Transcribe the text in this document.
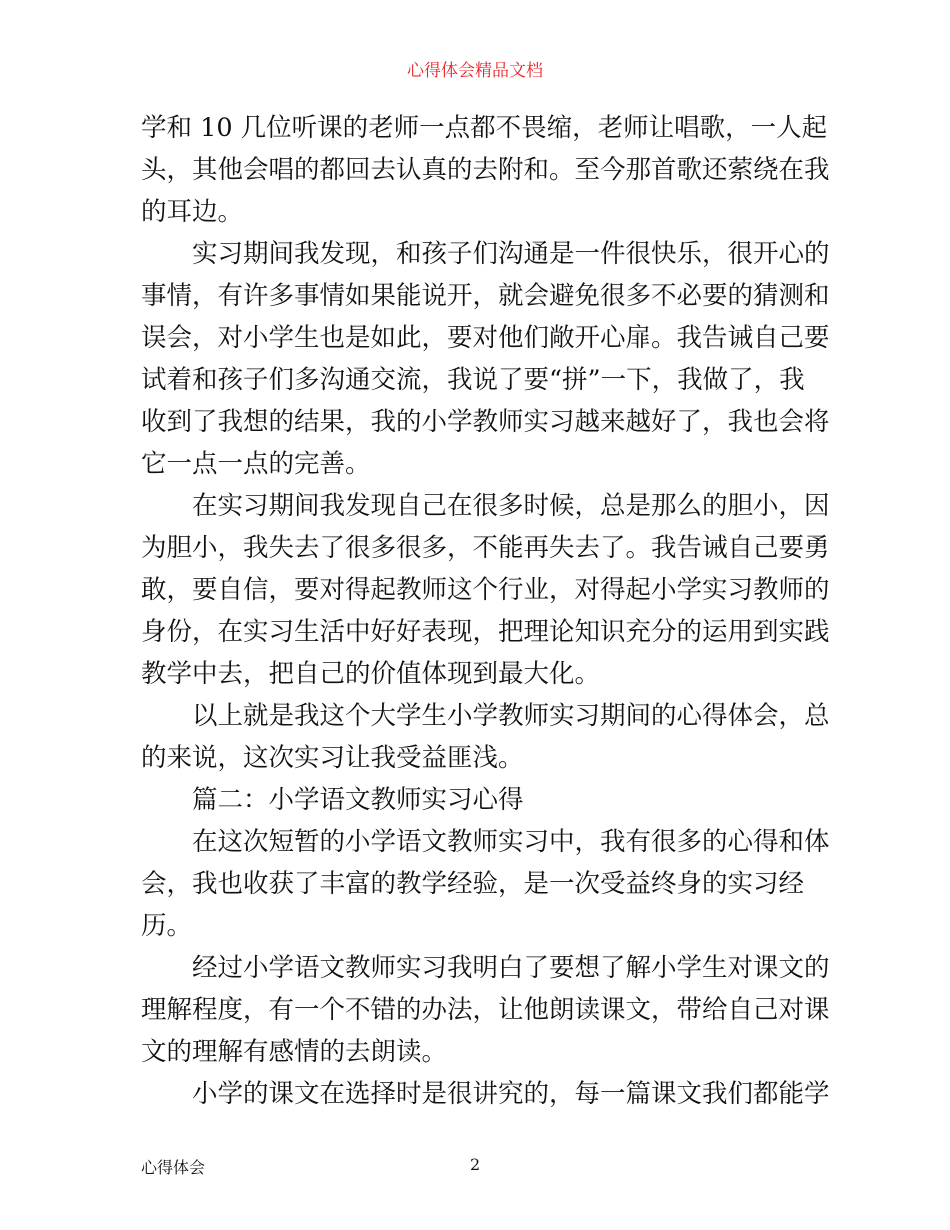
心得体会精品文档
学和 10 几位听课的老师一点都不畏缩，老师让唱歌，一人起
头，其他会唱的都回去认真的去附和。至今那首歌还萦绕在我
的耳边。
　　实习期间我发现，和孩子们沟通是一件很快乐，很开心的
事情，有许多事情如果能说开，就会避免很多不必要的猜测和
误会，对小学生也是如此，要对他们敞开心扉。我告诫自己要
试着和孩子们多沟通交流，我说了要“拼”一下，我做了，我
收到了我想的结果，我的小学教师实习越来越好了，我也会将
它一点一点的完善。
　　在实习期间我发现自己在很多时候，总是那么的胆小，因
为胆小，我失去了很多很多，不能再失去了。我告诫自己要勇
敢，要自信，要对得起教师这个行业，对得起小学实习教师的
身份，在实习生活中好好表现，把理论知识充分的运用到实践
教学中去，把自己的价值体现到最大化。
　　以上就是我这个大学生小学教师实习期间的心得体会，总
的来说，这次实习让我受益匪浅。
　　篇二：小学语文教师实习心得
　　在这次短暂的小学语文教师实习中，我有很多的心得和体
会，我也收获了丰富的教学经验，是一次受益终身的实习经
历。
　　经过小学语文教师实习我明白了要想了解小学生对课文的
理解程度，有一个不错的办法，让他朗读课文，带给自己对课
文的理解有感情的去朗读。
　　小学的课文在选择时是很讲究的，每一篇课文我们都能学
心得体会	2
